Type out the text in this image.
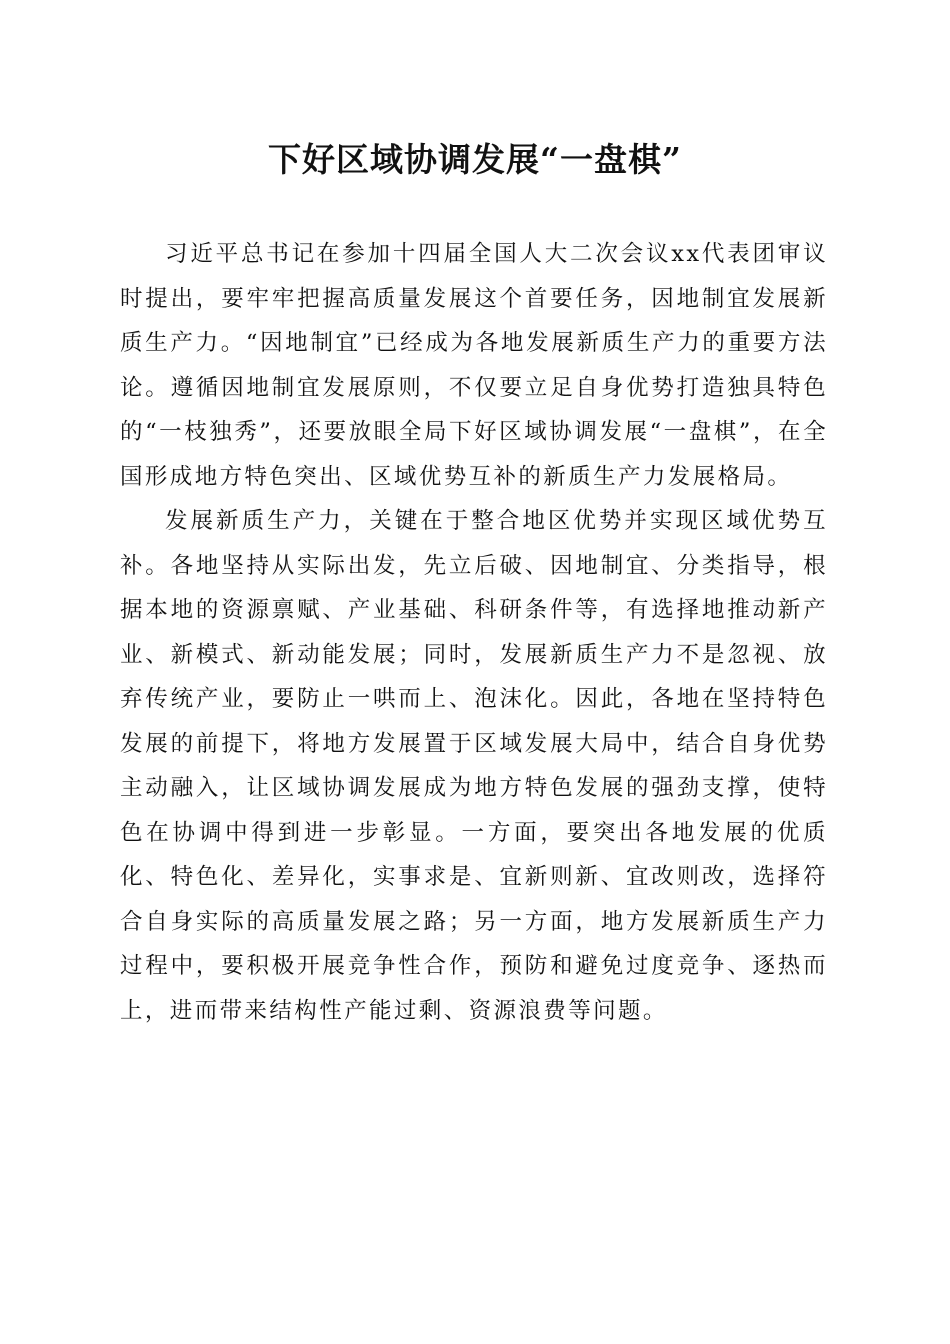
下好区域协调发展“一盘棋”

习近平总书记在参加十四届全国人大二次会议xx代表团审议时提出，要牢牢把握高质量发展这个首要任务，因地制宜发展新质生产力。“因地制宜”已经成为各地发展新质生产力的重要方法论。遵循因地制宜发展原则，不仅要立足自身优势打造独具特色的“一枝独秀”，还要放眼全局下好区域协调发展“一盘棋”，在全国形成地方特色突出、区域优势互补的新质生产力发展格局。

发展新质生产力，关键在于整合地区优势并实现区域优势互补。各地坚持从实际出发，先立后破、因地制宜、分类指导，根据本地的资源禀赋、产业基础、科研条件等，有选择地推动新产业、新模式、新动能发展；同时，发展新质生产力不是忽视、放弃传统产业，要防止一哄而上、泡沫化。因此，各地在坚持特色发展的前提下，将地方发展置于区域发展大局中，结合自身优势主动融入，让区域协调发展成为地方特色发展的强劲支撑，使特色在协调中得到进一步彰显。一方面，要突出各地发展的优质化、特色化、差异化，实事求是、宜新则新、宜改则改，选择符合自身实际的高质量发展之路；另一方面，地方发展新质生产力过程中，要积极开展竞争性合作，预防和避免过度竞争、逐热而上，进而带来结构性产能过剩、资源浪费等问题。
